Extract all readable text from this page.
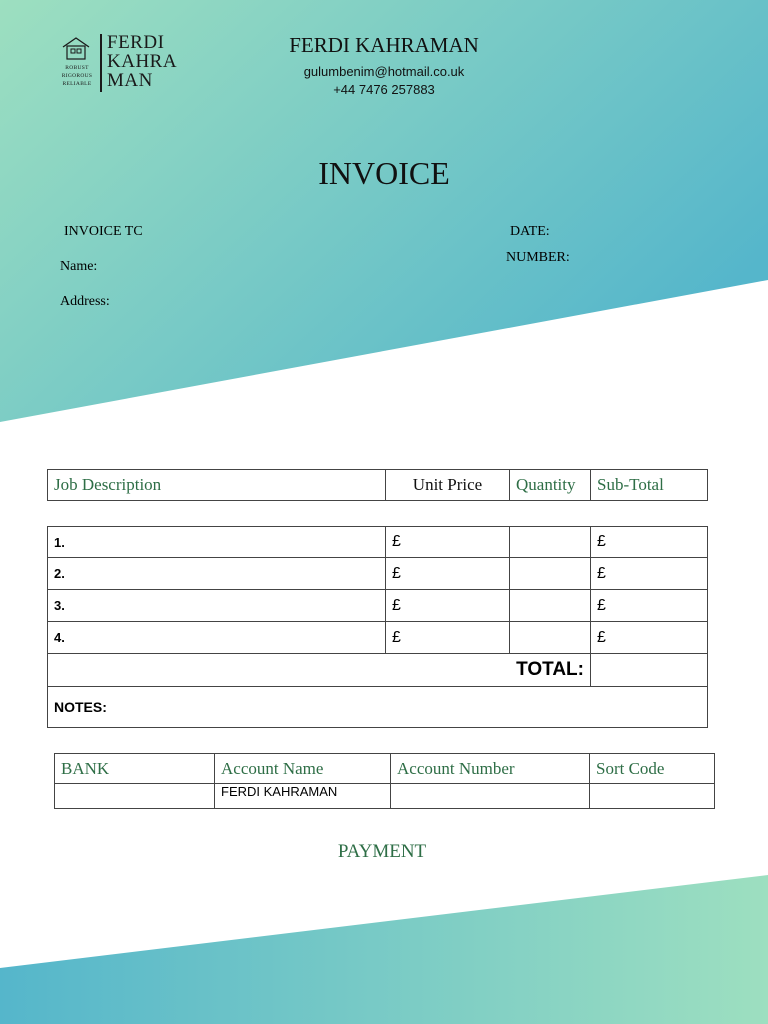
ROBUST
RIGOROUS
RELIABLE
FERDI
KAHRA
MAN
FERDI KAHRAMAN
gulumbenim@hotmail.co.uk
+44 7476 257883
INVOICE
INVOICE TC
Name:
Address:
DATE:
NUMBER:
Job Description	Unit Price	Quantity	Sub-Total
1.	£		£
2.	£		£
3.	£		£
4.	£		£
TOTAL:			
NOTES:			
BANK	Account Name	Account Number	Sort Code
	FERDI KAHRAMAN		
PAYMENT
